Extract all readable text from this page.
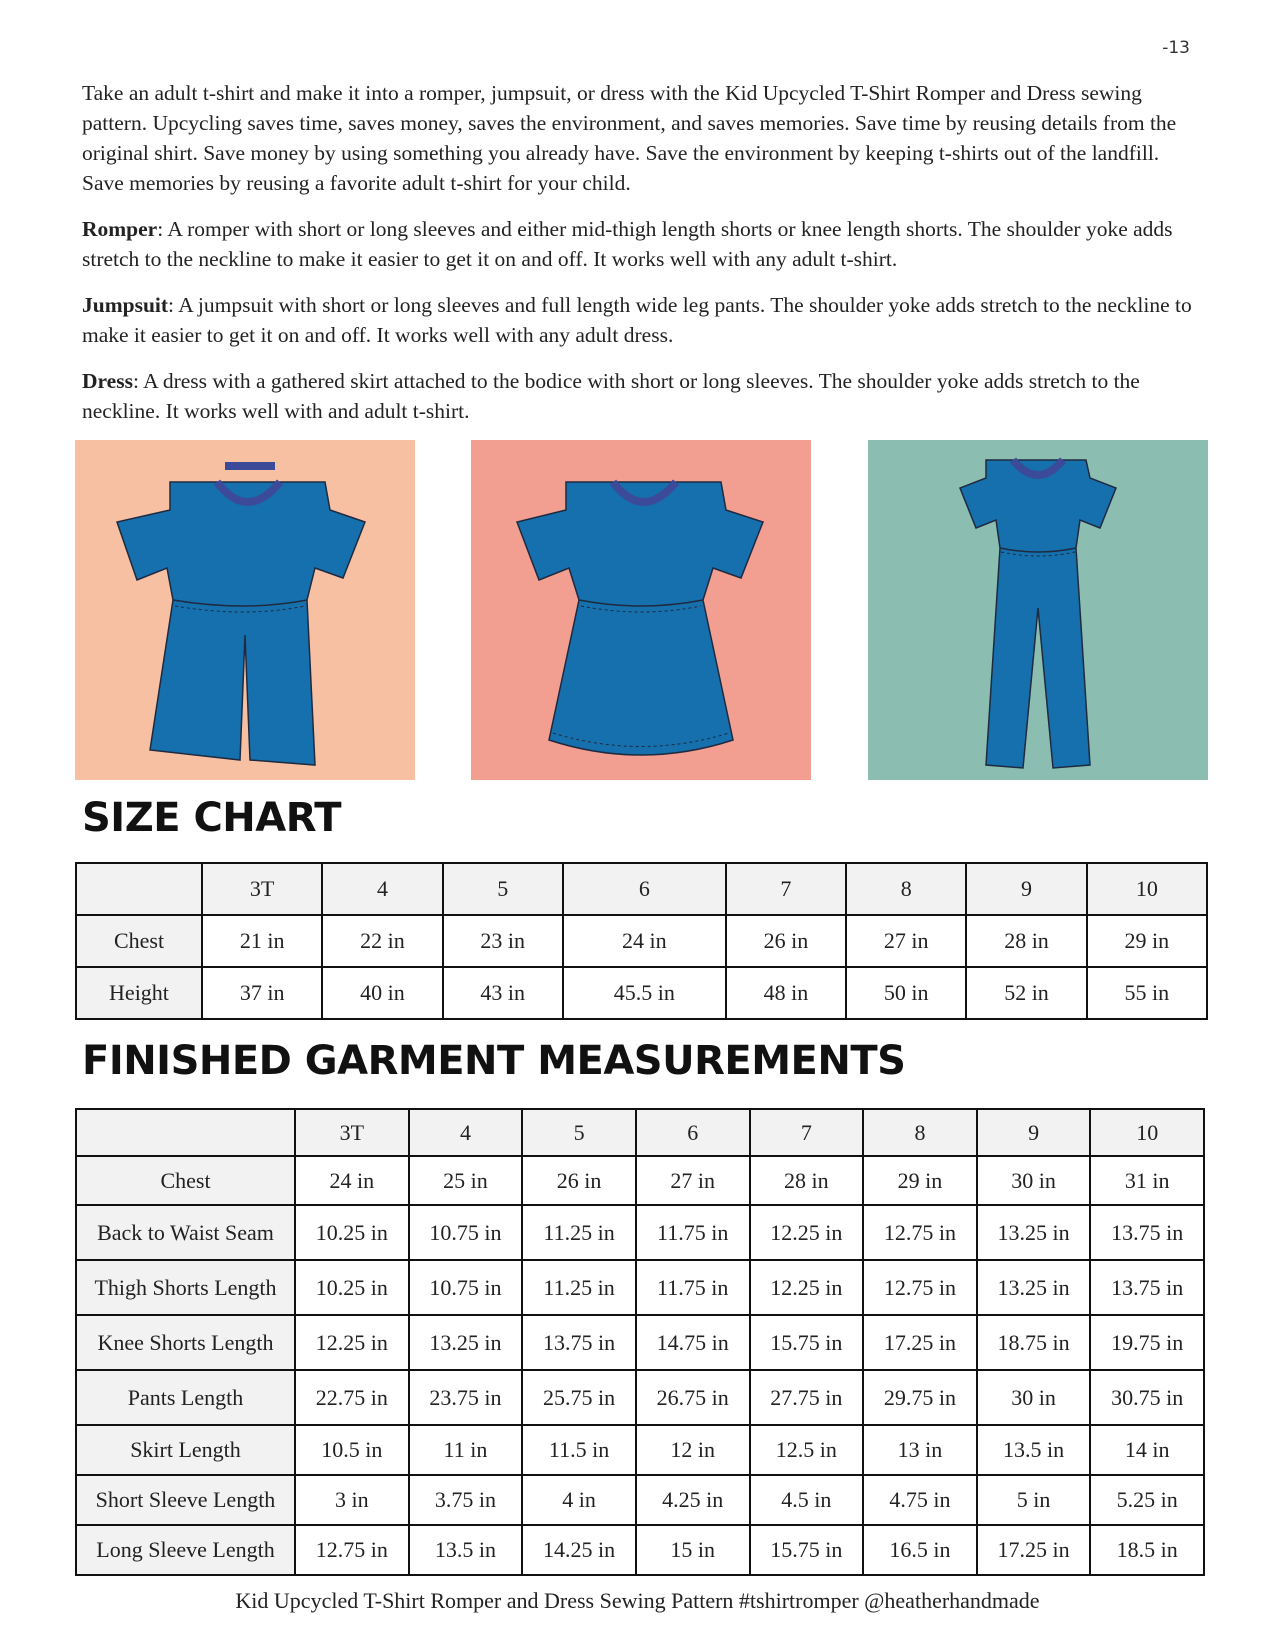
-13

Take an adult t-shirt and make it into a romper, jumpsuit, or dress with the Kid Upcycled T-Shirt Romper and Dress sewing pattern. Upcycling saves time, saves money, saves the environment, and saves memories. Save time by reusing details from the original shirt. Save money by using something you already have. Save the environment by keeping t-shirts out of the landfill. Save memories by reusing a favorite adult t-shirt for your child.

Romper: A romper with short or long sleeves and either mid-thigh length shorts or knee length shorts. The shoulder yoke adds stretch to the neckline to make it easier to get it on and off. It works well with any adult t-shirt.

Jumpsuit: A jumpsuit with short or long sleeves and full length wide leg pants. The shoulder yoke adds stretch to the neckline to make it easier to get it on and off. It works well with any adult dress.

Dress: A dress with a gathered skirt attached to the bodice with short or long sleeves. The shoulder yoke adds stretch to the neckline. It works well with and adult t-shirt.

SIZE CHART
	3T	4	5	6	7	8	9	10
Chest	21 in	22 in	23 in	24 in	26 in	27 in	28 in	29 in
Height	37 in	40 in	43 in	45.5 in	48 in	50 in	52 in	55 in
FINISHED GARMENT MEASUREMENTS
	3T	4	5	6	7	8	9	10
Chest	24 in	25 in	26 in	27 in	28 in	29 in	30 in	31 in
Back to Waist Seam	10.25 in	10.75 in	11.25 in	11.75 in	12.25 in	12.75 in	13.25 in	13.75 in
Thigh Shorts Length	10.25 in	10.75 in	11.25 in	11.75 in	12.25 in	12.75 in	13.25 in	13.75 in
Knee Shorts Length	12.25 in	13.25 in	13.75 in	14.75 in	15.75 in	17.25 in	18.75 in	19.75 in
Pants Length	22.75 in	23.75 in	25.75 in	26.75 in	27.75 in	29.75 in	30 in	30.75 in
Skirt Length	10.5 in	11 in	11.5 in	12 in	12.5 in	13 in	13.5 in	14 in
Short Sleeve Length	3 in	3.75 in	4 in	4.25 in	4.5 in	4.75 in	5 in	5.25 in
Long Sleeve Length	12.75 in	13.5 in	14.25 in	15 in	15.75 in	16.5 in	17.25 in	18.5 in
Kid Upcycled T-Shirt Romper and Dress Sewing Pattern #tshirtromper @heatherhandmade
